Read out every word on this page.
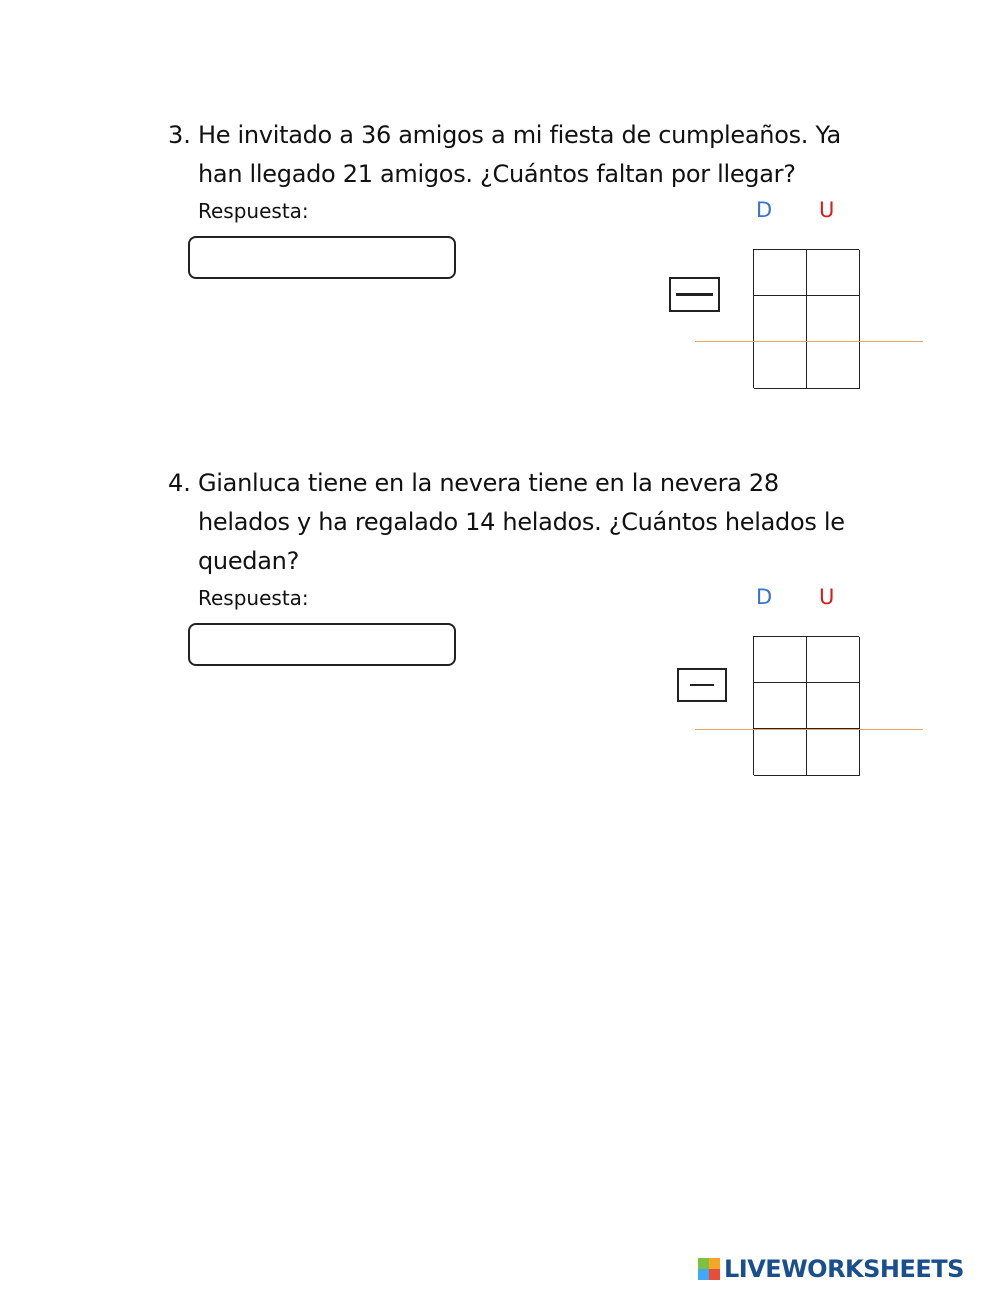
3. He invitado a 36 amigos a mi fiesta de cumpleaños. Ya
han llegado 21 amigos. ¿Cuántos faltan por llegar?
Respuesta:	D U
4. Gianluca tiene en la nevera tiene en la nevera 28
helados y ha regalado 14 helados. ¿Cuántos helados le
quedan?
Respuesta:	D U
LIVEWORKSHEETS
